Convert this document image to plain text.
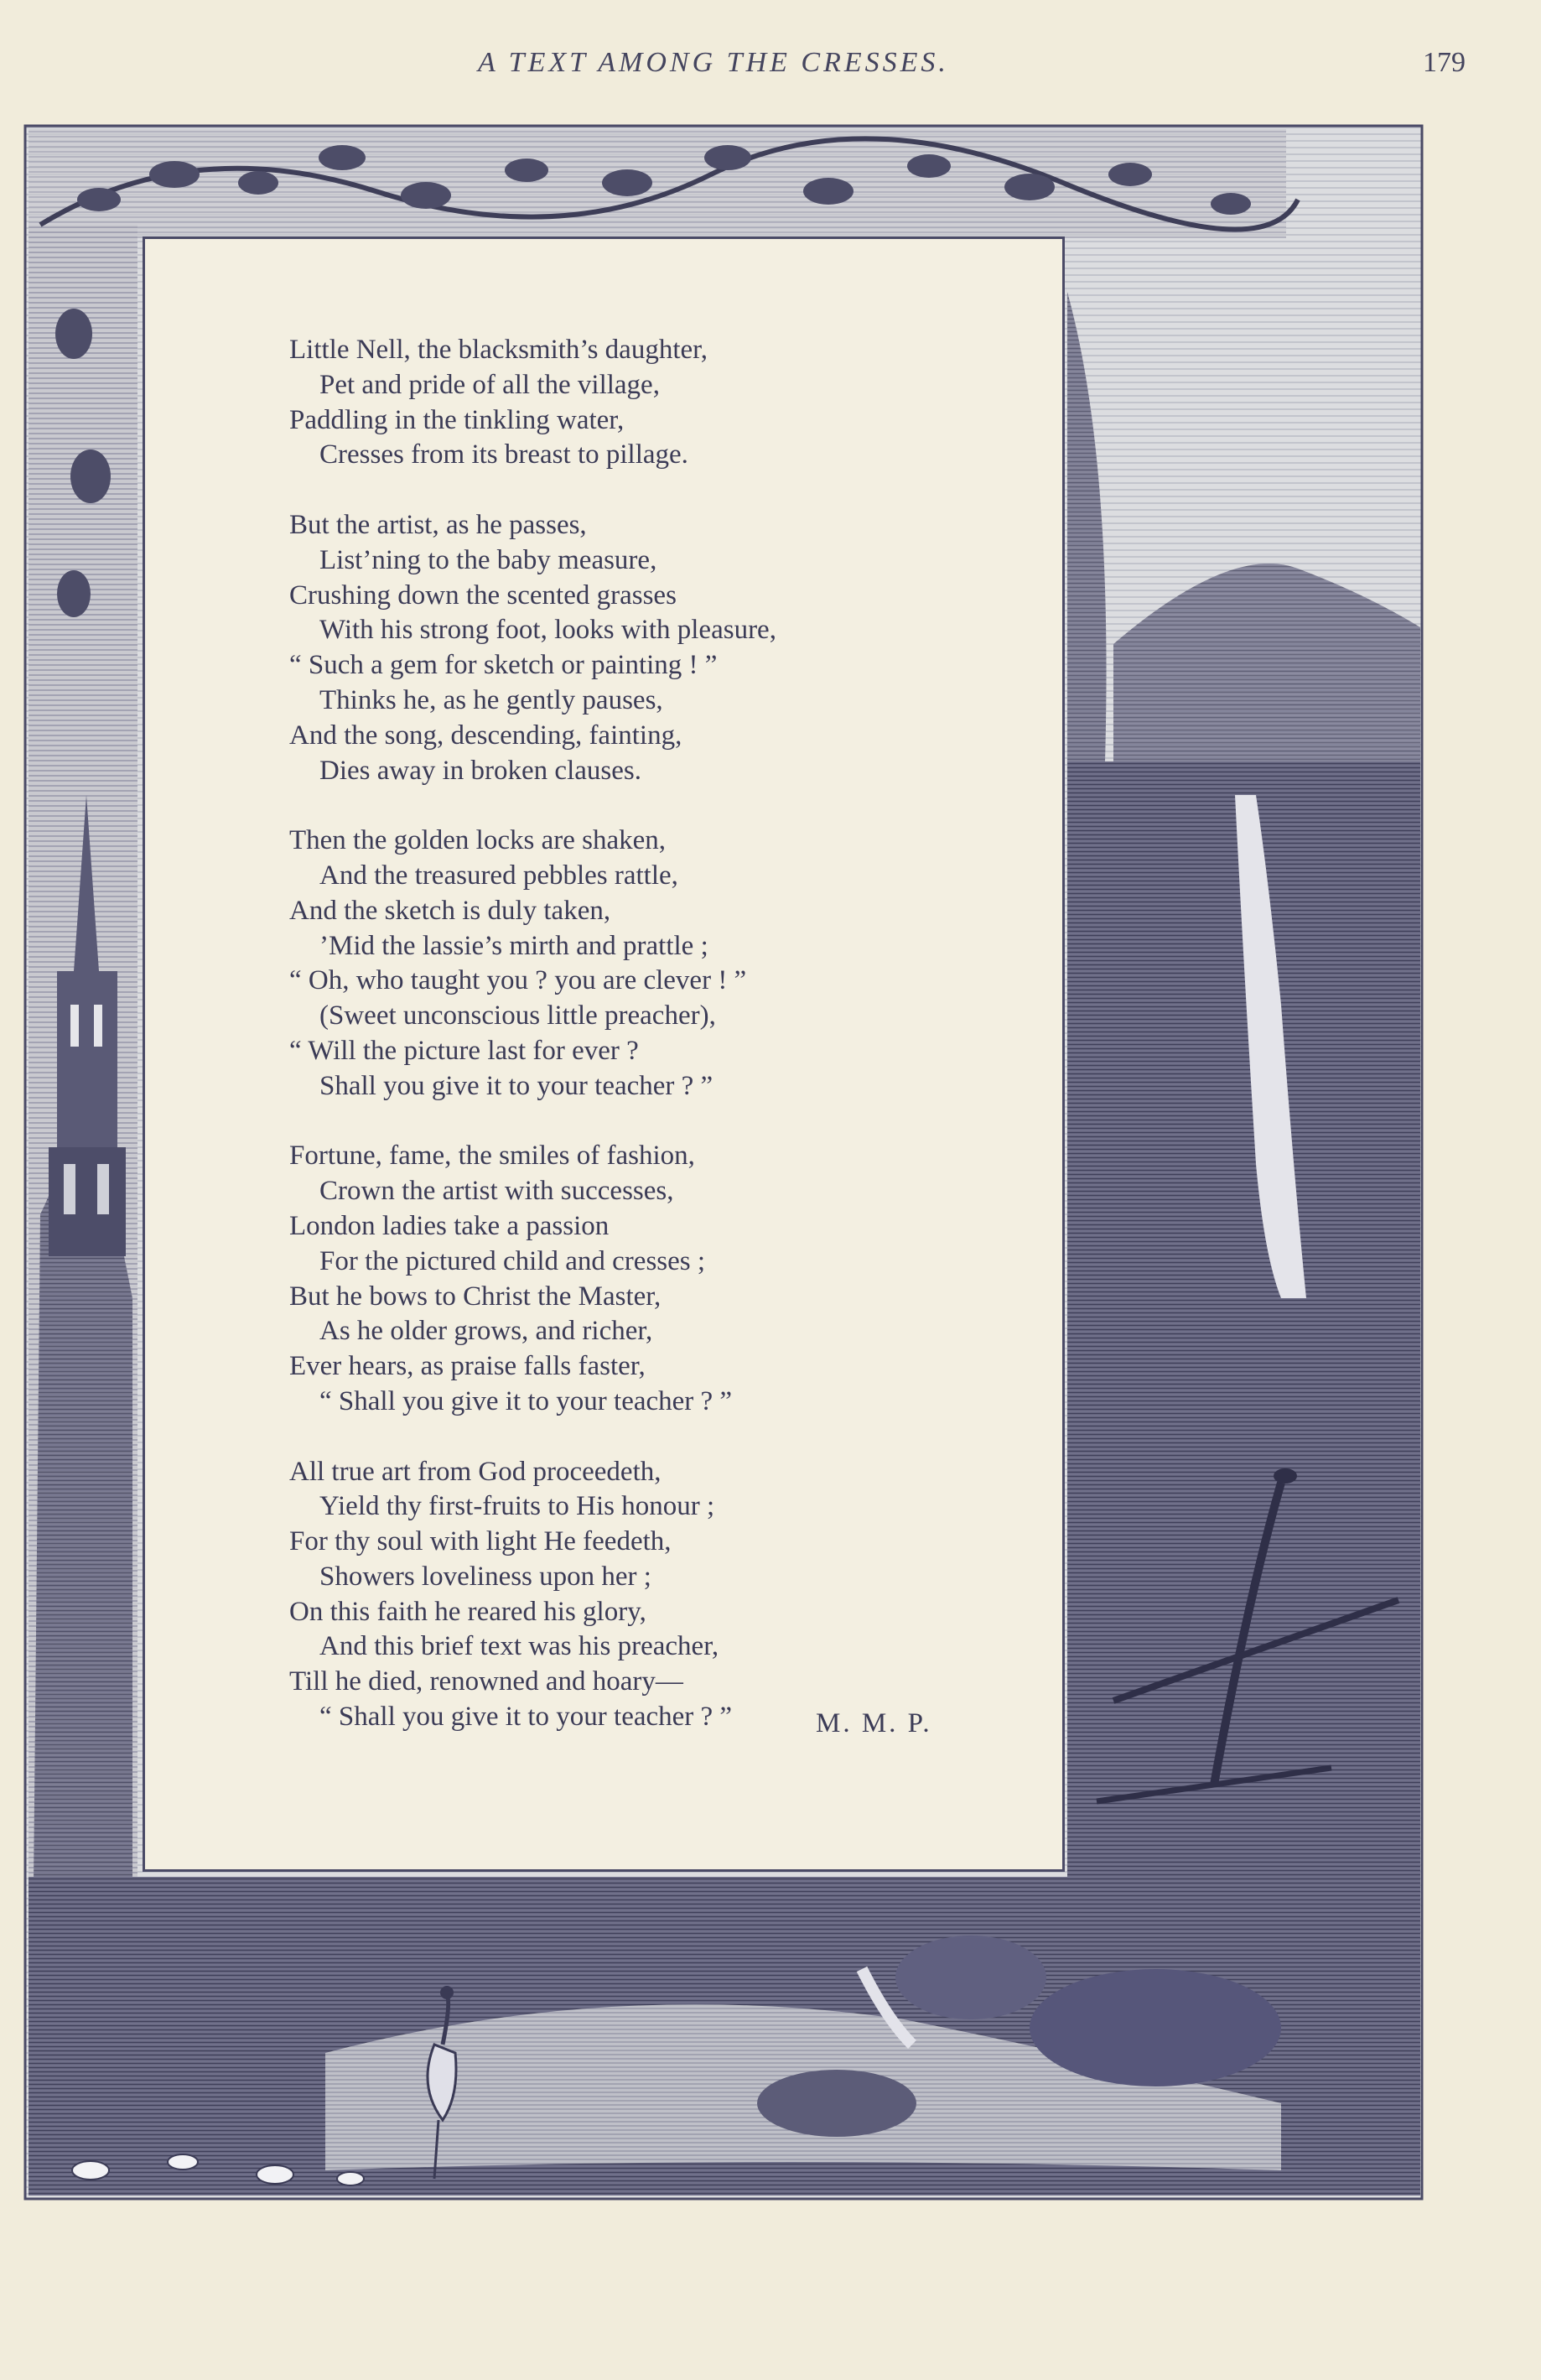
A TEXT AMONG THE CRESSES.	179
Little Nell, the blacksmith’s daughter,
Pet and pride of all the village,
Paddling in the tinkling water,
Cresses from its breast to pillage.
But the artist, as he passes,
List’ning to the baby measure,
Crushing down the scented grasses
With his strong foot, looks with pleasure,
“ Such a gem for sketch or painting ! ”
Thinks he, as he gently pauses,
And the song, descending, fainting,
Dies away in broken clauses.
Then the golden locks are shaken,
And the treasured pebbles rattle,
And the sketch is duly taken,
’Mid the lassie’s mirth and prattle ;
“ Oh, who taught you ? you are clever ! ”
(Sweet unconscious little preacher),
“ Will the picture last for ever ?
Shall you give it to your teacher ? ”
Fortune, fame, the smiles of fashion,
Crown the artist with successes,
London ladies take a passion
For the pictured child and cresses ;
But he bows to Christ the Master,
As he older grows, and richer,
Ever hears, as praise falls faster,
“ Shall you give it to your teacher ? ”
All true art from God proceedeth,
Yield thy first-fruits to His honour ;
For thy soul with light He feedeth,
Showers loveliness upon her ;
On this faith he reared his glory,
And this brief text was his preacher,
Till he died, renowned and hoary—
“ Shall you give it to your teacher ? ”	M. M. P.
